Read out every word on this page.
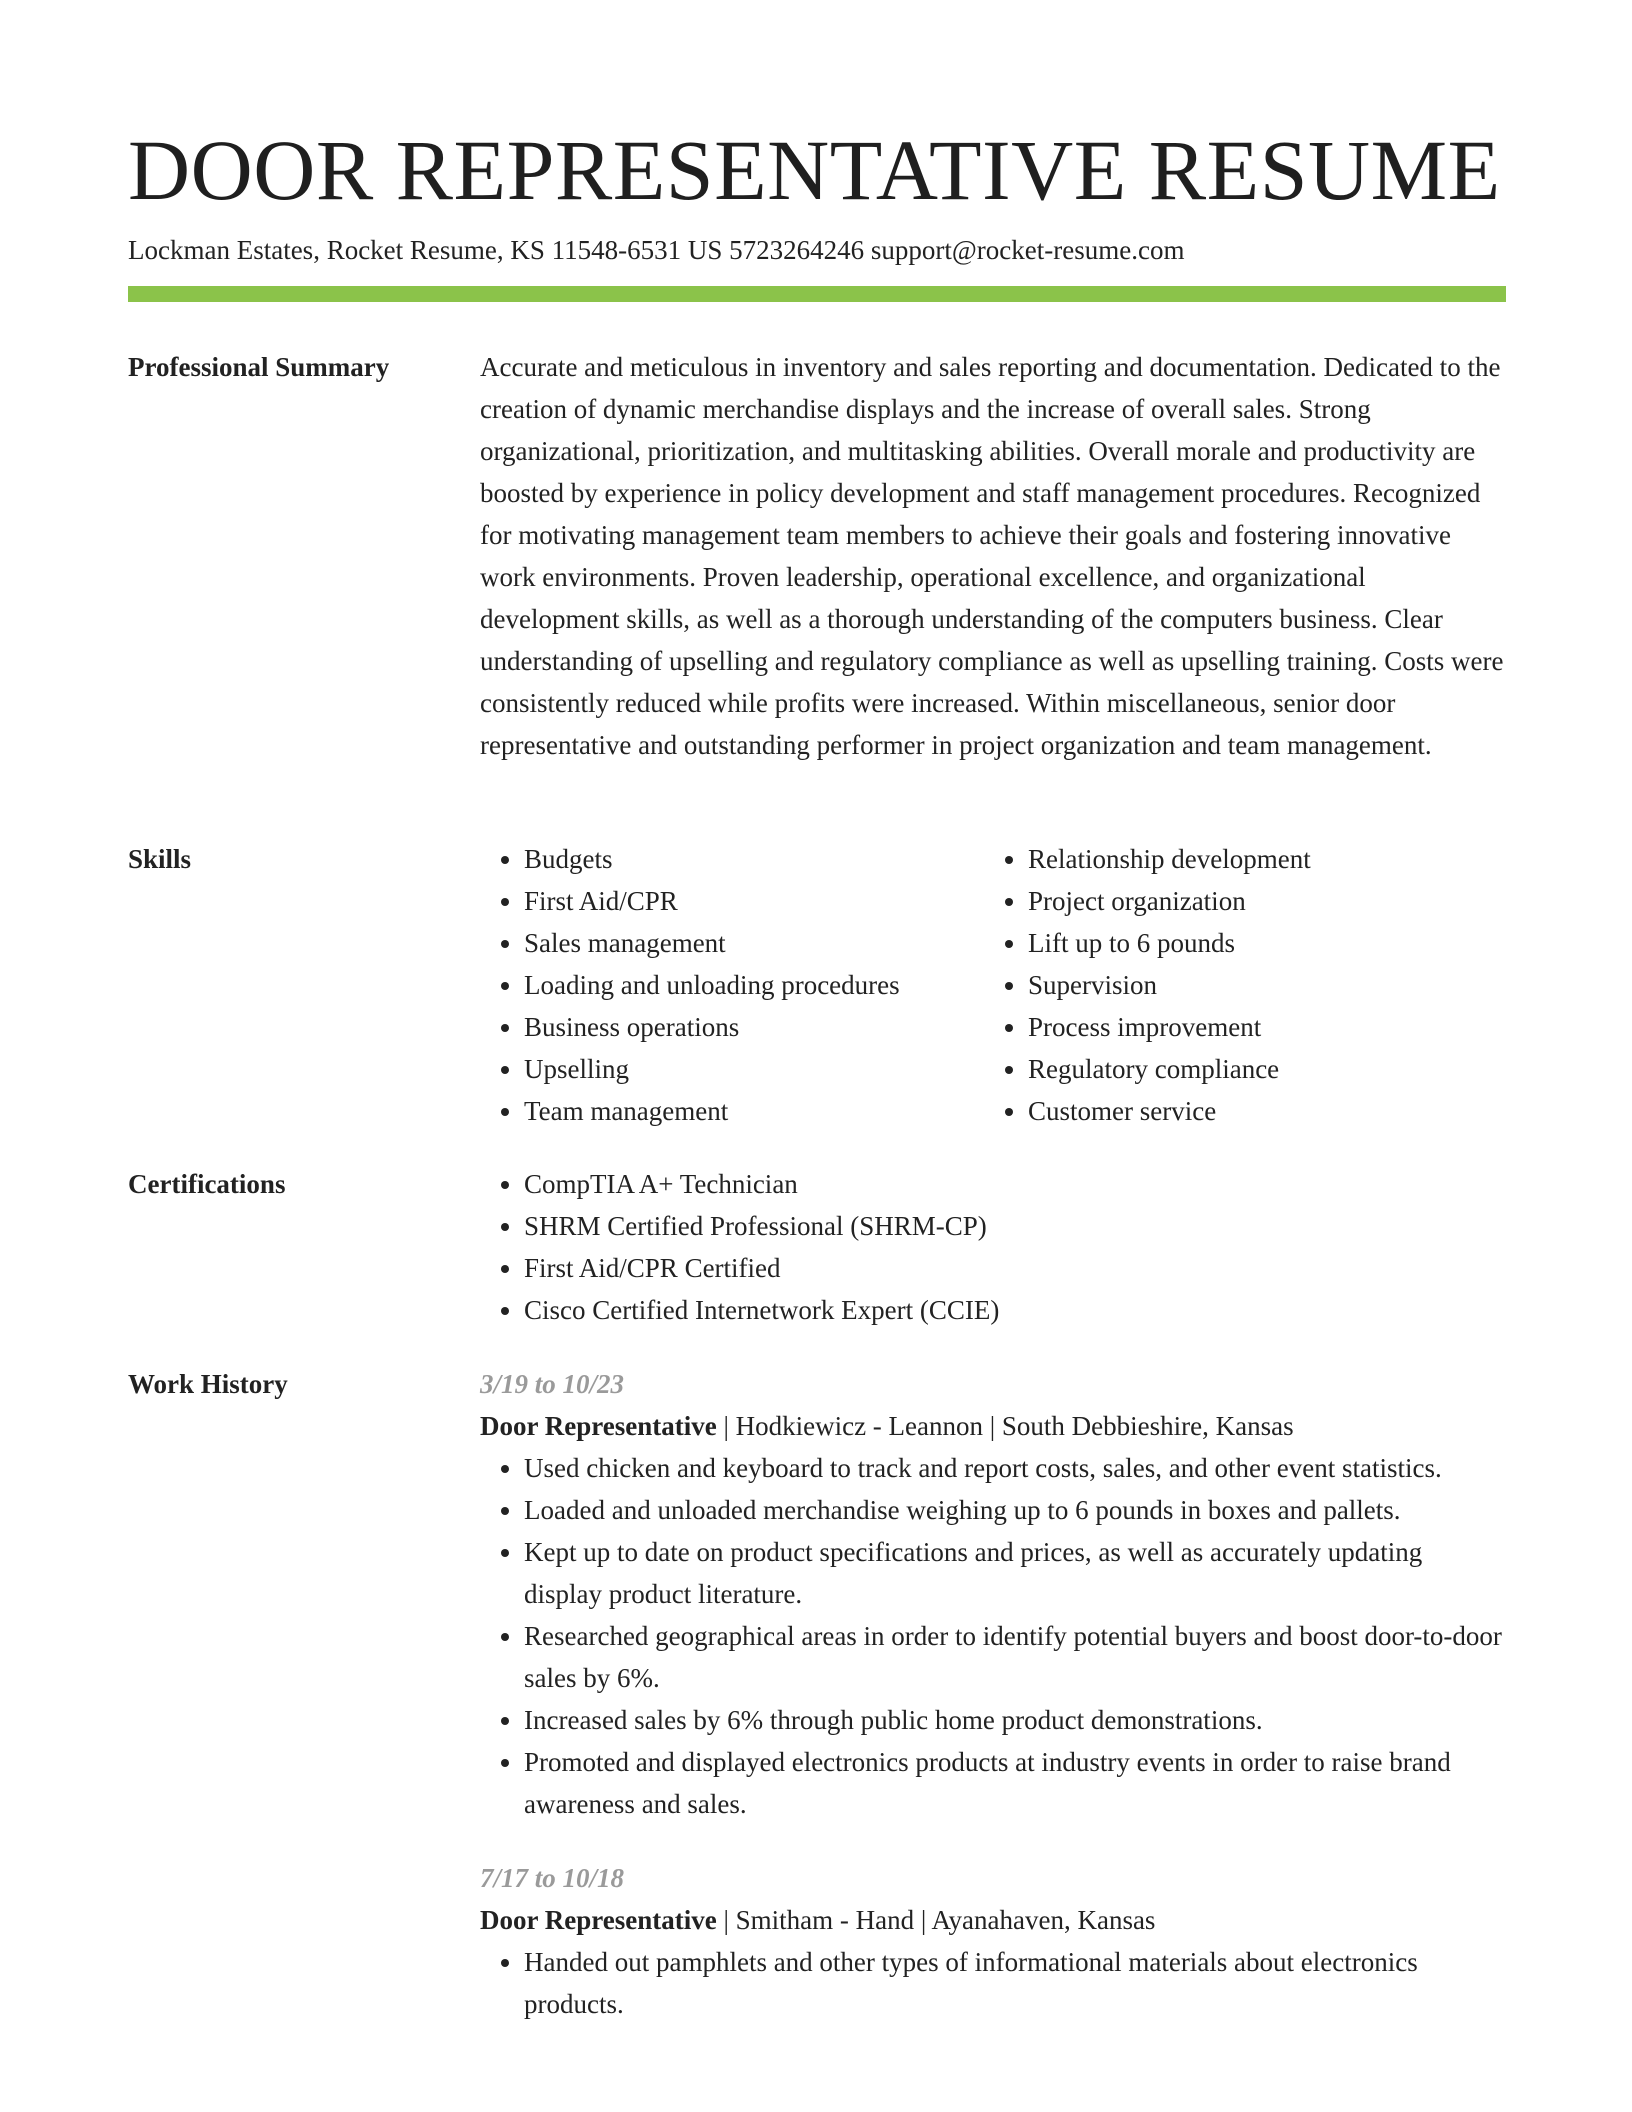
DOOR REPRESENTATIVE RESUME
Lockman Estates, Rocket Resume, KS 11548-6531 US 5723264246 support@rocket-resume.com
Professional Summary	Accurate and meticulous in inventory and sales reporting and documentation. Dedicated to the creation of dynamic merchandise displays and the increase of overall sales. Strong organizational, prioritization, and multitasking abilities. Overall morale and productivity are boosted by experience in policy development and staff management procedures. Recognized for motivating management team members to achieve their goals and fostering innovative work environments. Proven leadership, operational excellence, and organizational development skills, as well as a thorough understanding of the computers business. Clear understanding of upselling and regulatory compliance as well as upselling training. Costs were consistently reduced while profits were increased. Within miscellaneous, senior door representative and outstanding performer in project organization and team management.

Skills	• Budgets
• First Aid/CPR
• Sales management
• Loading and unloading procedures
• Business operations
• Upselling
• Team management
• Relationship development
• Project organization
• Lift up to 6 pounds
• Supervision
• Process improvement
• Regulatory compliance
• Customer service
Certifications	• CompTIA A+ Technician
• SHRM Certified Professional (SHRM-CP)
• First Aid/CPR Certified
• Cisco Certified Internetwork Expert (CCIE)
Work History	3/19 to 10/23
Door Representative | Hodkiewicz - Leannon | South Debbieshire, Kansas
• Used chicken and keyboard to track and report costs, sales, and other event statistics.
• Loaded and unloaded merchandise weighing up to 6 pounds in boxes and pallets.
• Kept up to date on product specifications and prices, as well as accurately updating display product literature.
• Researched geographical areas in order to identify potential buyers and boost door-to-door sales by 6%.
• Increased sales by 6% through public home product demonstrations.
• Promoted and displayed electronics products at industry events in order to raise brand awareness and sales.
7/17 to 10/18
Door Representative | Smitham - Hand | Ayanahaven, Kansas
• Handed out pamphlets and other types of informational materials about electronics products.
